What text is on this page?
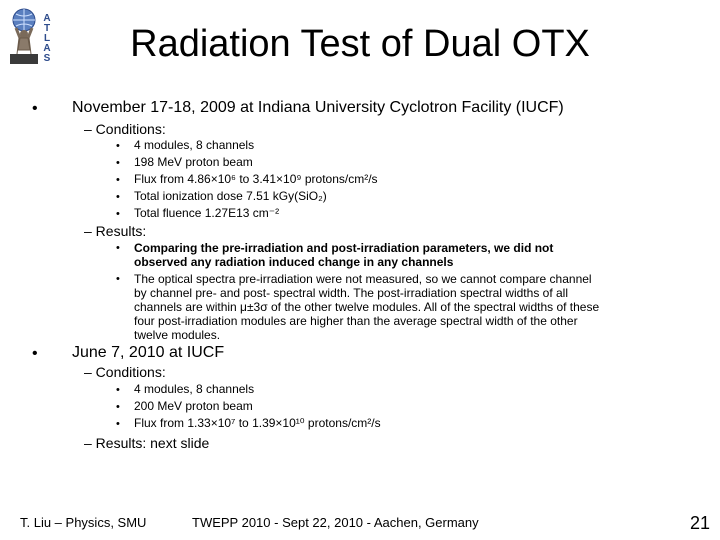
A
T
L
A
S	Radiation Test of Dual OTX
• November 17-18, 2009 at Indiana University Cyclotron Facility (IUCF)
– Conditions:
• 4 modules, 8 channels
• 198 MeV proton beam
• Flux from 4.86×10⁶ to 3.41×10⁹ protons/cm²/s
• Total ionization dose 7.51 kGy(SiO₂)
• Total fluence 1.27E13 cm⁻²
– Results:
• Comparing the pre-irradiation and post-irradiation parameters, we did not
observed any radiation induced change in any channels
• The optical spectra pre-irradiation were not measured, so we cannot compare channel
by channel pre- and post- spectral width. The post-irradiation spectral widths of all
channels are within μ±3σ of the other twelve modules. All of the spectral widths of these
four post-irradiation modules are higher than the average spectral width of the other
twelve modules.
• June 7, 2010 at IUCF
– Conditions:
• 4 modules, 8 channels
• 200 MeV proton beam
• Flux from 1.33×10⁷ to 1.39×10¹⁰ protons/cm²/s
– Results: next slide
T. Liu – Physics, SMU	TWEPP 2010 - Sept 22, 2010 - Aachen, Germany	21
